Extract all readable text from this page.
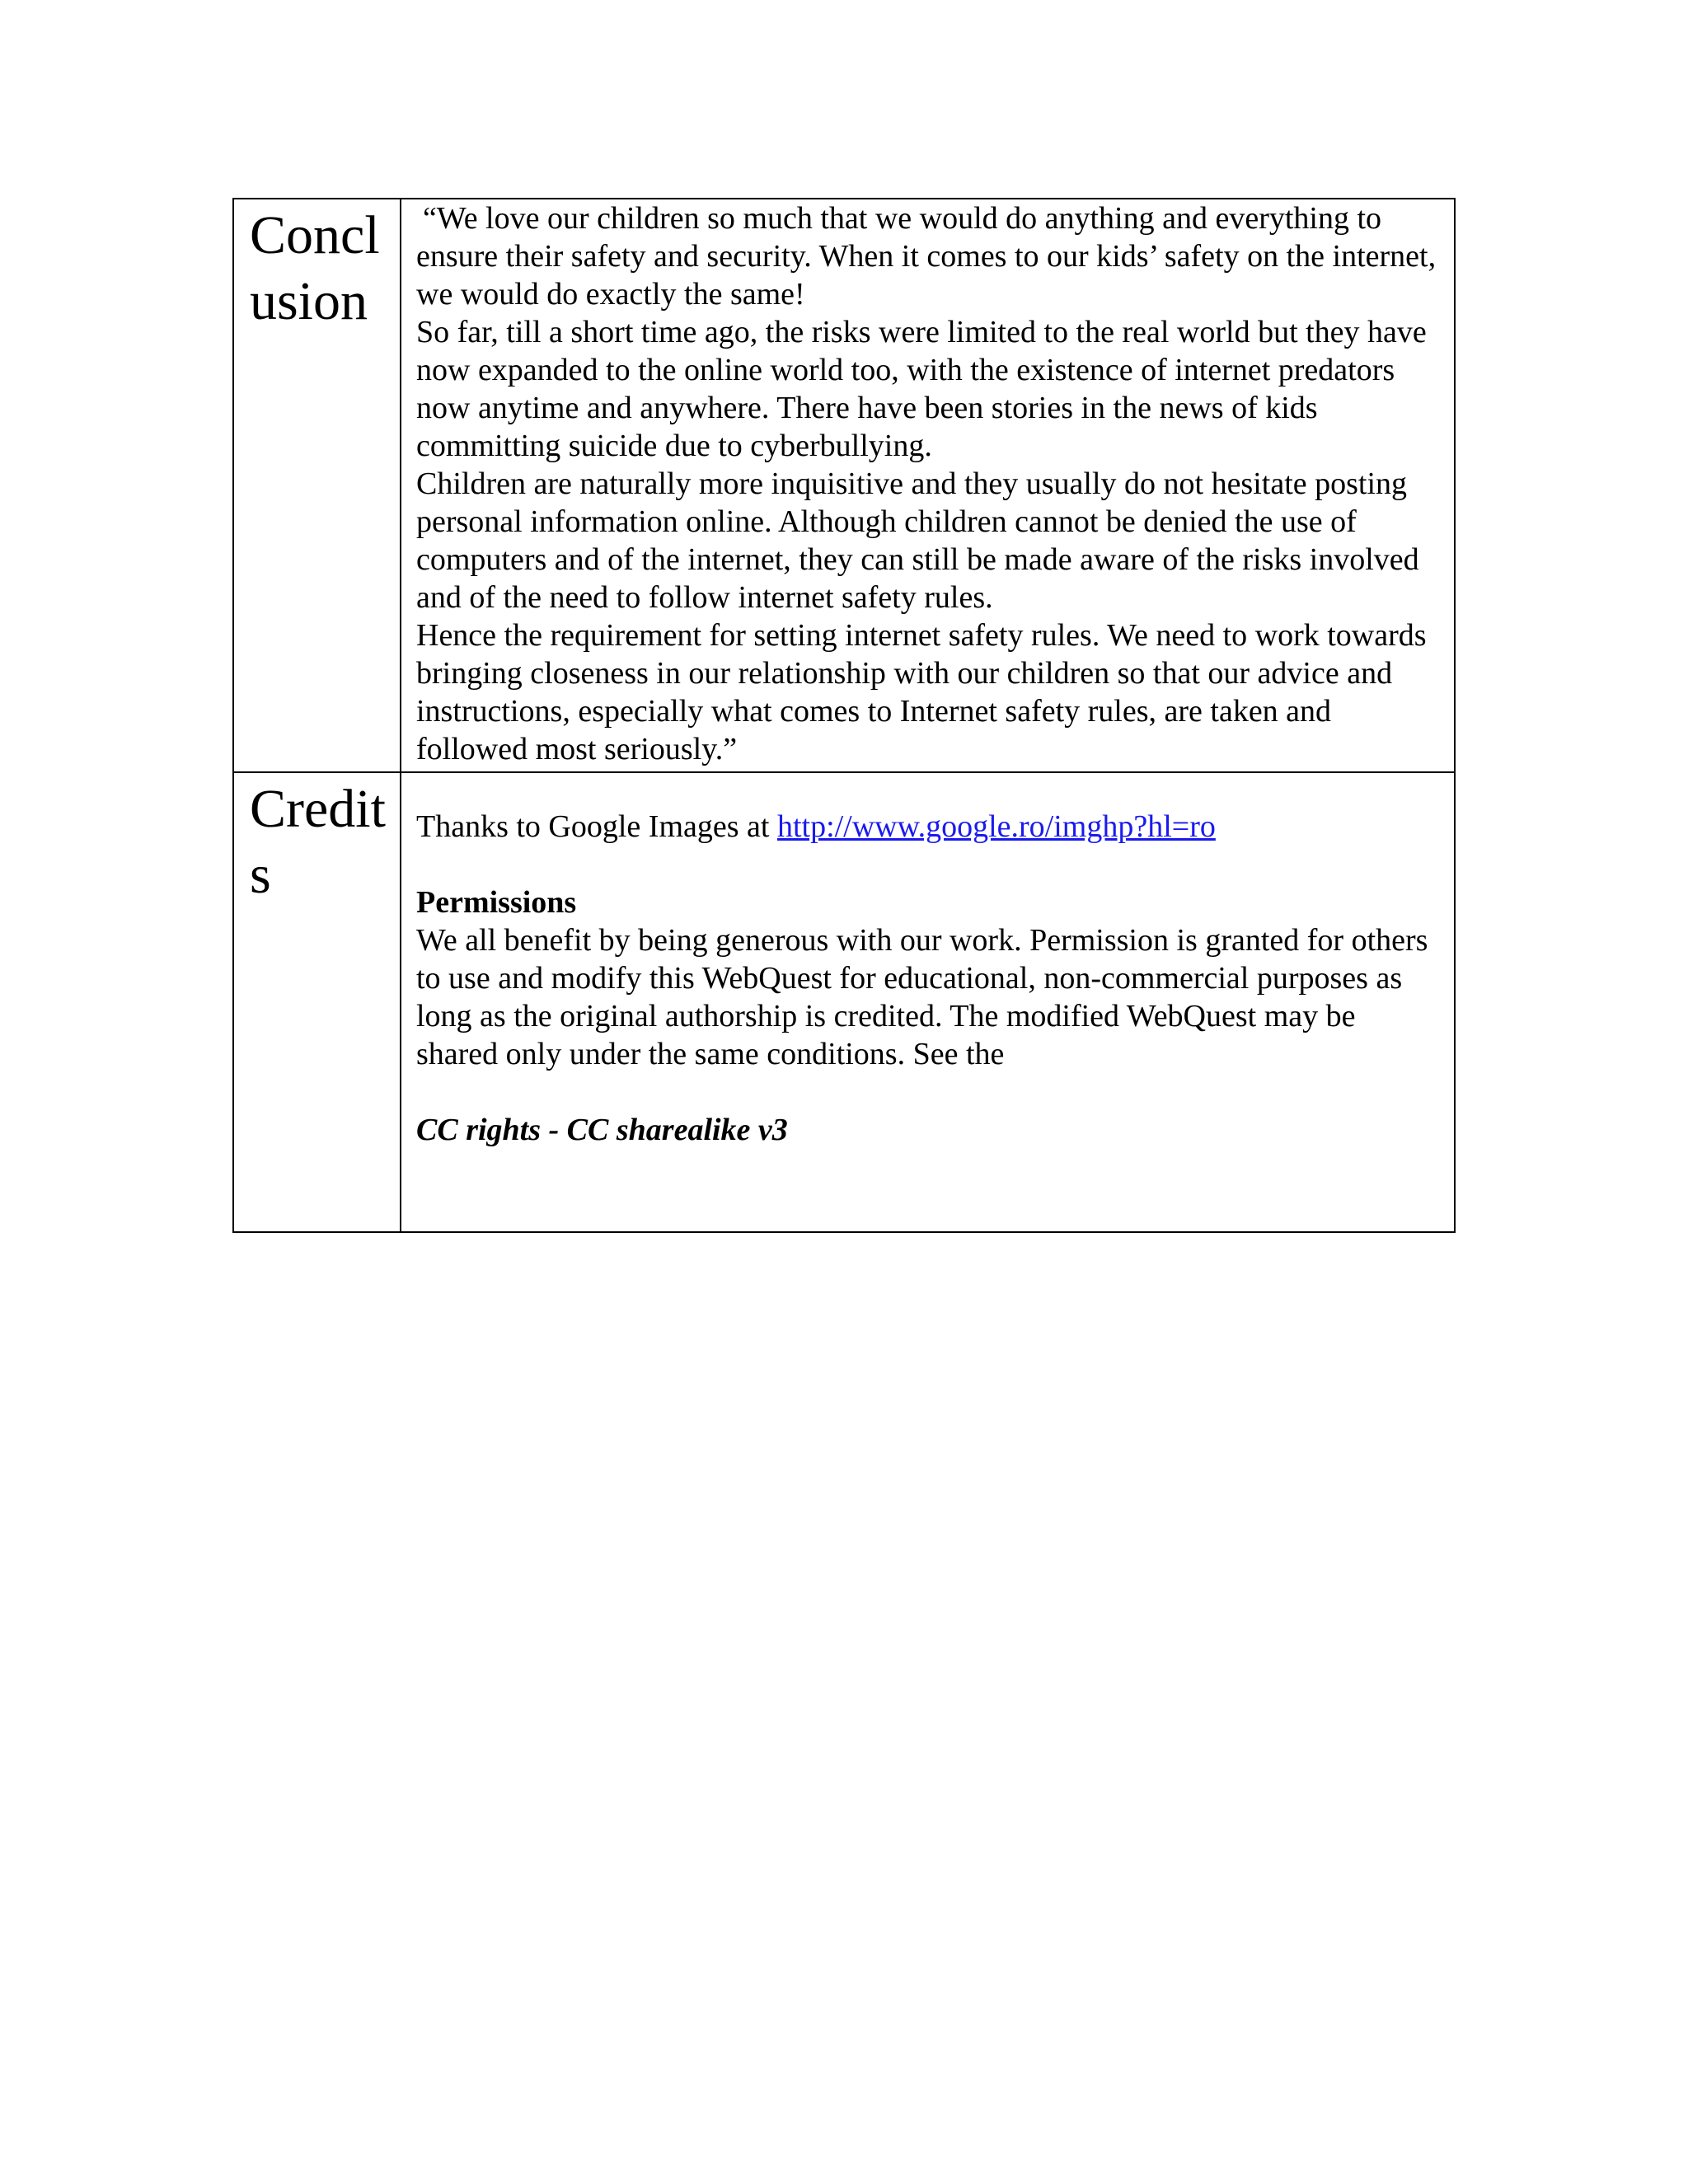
Conclusion	“We love our children so much that we would do anything and everything to ensure their safety and security. When it comes to our kids’ safety on the internet, we would do exactly the same!

So far, till a short time ago, the risks were limited to the real world but they have now expanded to the online world too, with the existence of internet predators now anytime and anywhere. There have been stories in the news of kids committing suicide due to cyberbullying.

Children are naturally more inquisitive and they usually do not hesitate posting personal information online. Although children cannot be denied the use of computers and of the internet, they can still be made aware of the risks involved and of the need to follow internet safety rules.

Hence the requirement for setting internet safety rules. We need to work towards bringing closeness in our relationship with our children so that our advice and instructions, especially what comes to Internet safety rules, are taken and followed most seriously.”

Credits	Thanks to Google Images at http://www.google.ro/imghp?hl=ro

Permissions

We all benefit by being generous with our work. Permission is granted for others to use and modify this WebQuest for educational, non-commercial purposes as long as the original authorship is credited. The modified WebQuest may be shared only under the same conditions. See the

CC rights - CC sharealike v3
